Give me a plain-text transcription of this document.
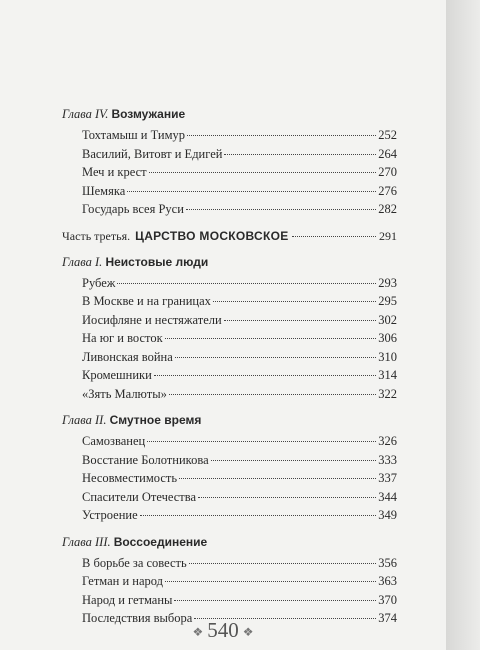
Глава IV. Возмужание
Тохтамыш и Тимур	252
Василий, Витовт и Едигей	264
Меч и крест	270
Шемяка	276
Государь всея Руси	282
Часть третья. ЦАРСТВО МОСКОВСКОЕ	291
Глава I. Неистовые люди
Рубеж	293
В Москве и на границах	295
Иосифляне и нестяжатели	302
На юг и восток	306
Ливонская война	310
Кромешники	314
«Зять Малюты»	322
Глава II. Смутное время
Самозванец	326
Восстание Болотникова	333
Несовместимость	337
Спасители Отечества	344
Устроение	349
Глава III. Воссоединение
В борьбе за совесть	356
Гетман и народ	363
Народ и гетманы	370
Последствия выбора	374
❖ 540 ❖
